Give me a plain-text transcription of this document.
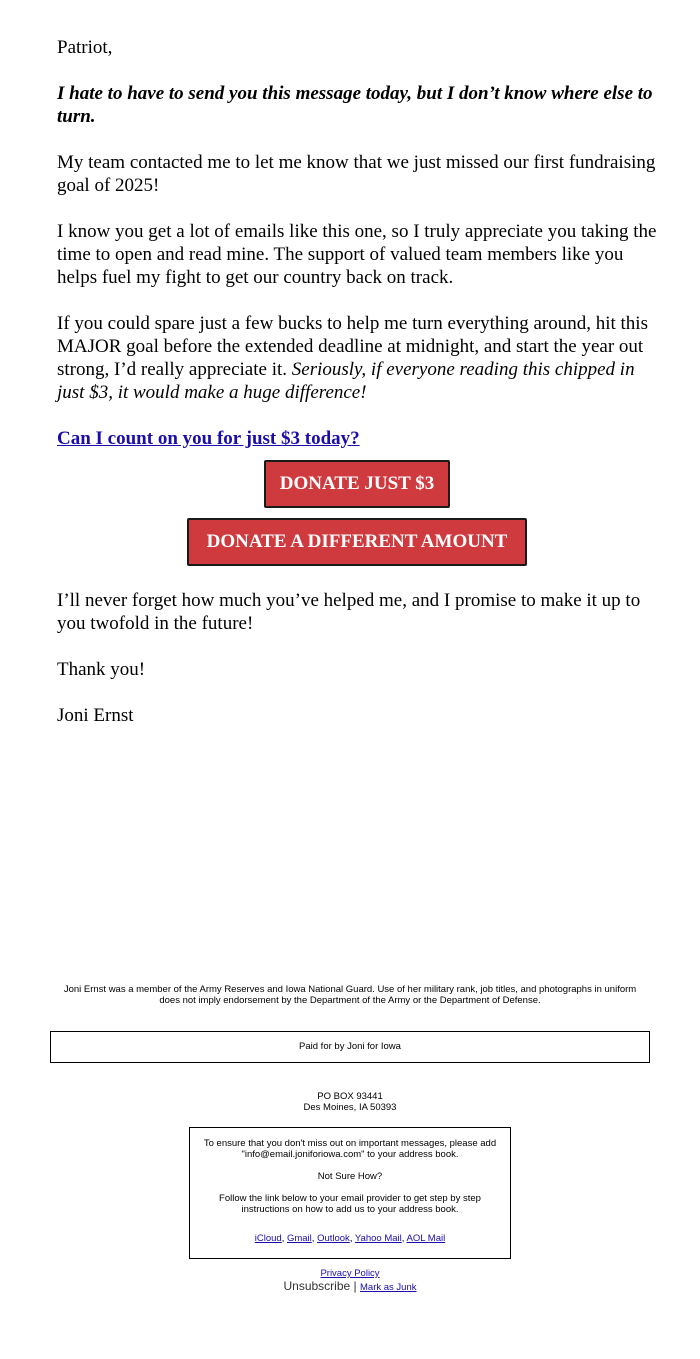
Patriot,

I hate to have to send you this message today, but I don’t know where else to turn.

My team contacted me to let me know that we just missed our first fundraising goal of 2025!

I know you get a lot of emails like this one, so I truly appreciate you taking the time to open and read mine. The support of valued team members like you helps fuel my fight to get our country back on track.

If you could spare just a few bucks to help me turn everything around, hit this MAJOR goal before the extended deadline at midnight, and start the year out strong, I’d really appreciate it. Seriously, if everyone reading this chipped in just $3, it would make a huge difference!

Can I count on you for just $3 today?

DONATE JUST $3
DONATE A DIFFERENT AMOUNT

I’ll never forget how much you’ve helped me, and I promise to make it up to you twofold in the future!

Thank you!

Joni Ernst

Joni Ernst was a member of the Army Reserves and Iowa National Guard. Use of her military rank, job titles, and photographs in uniform does not imply endorsement by the Department of the Army or the Department of Defense.
Paid for by Joni for Iowa
PO BOX 93441
Des Moines, IA 50393

To ensure that you don't miss out on important messages, please add "info@email.joniforiowa.com" to your address book.

Not Sure How?

Follow the link below to your email provider to get step by step instructions on how to add us to your address book.

iCloud, Gmail, Outlook, Yahoo Mail, AOL Mail

Privacy Policy
Unsubscribe | Mark as Junk
